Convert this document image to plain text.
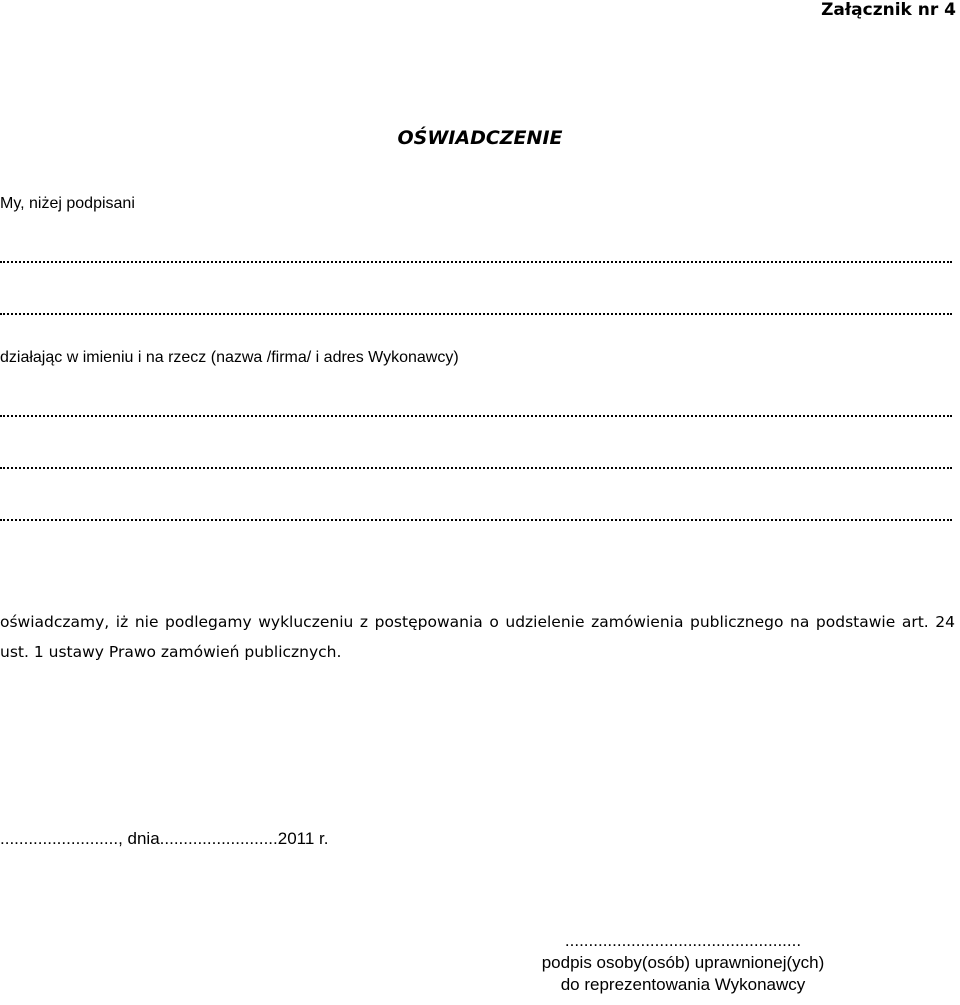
Załącznik nr 4
OŚWIADCZENIE
My, niżej podpisani
działając w imieniu i na rzecz (nazwa /firma/ i adres Wykonawcy)

oświadczamy, iż nie podlegamy wykluczeniu z postępowania o udzielenie zamówienia publicznego na podstawie art. 24 ust. 1 ustawy Prawo zamówień publicznych.

........................., dnia.........................2011 r.
..................................................
podpis osoby(osób) uprawnionej(ych)
do reprezentowania Wykonawcy
